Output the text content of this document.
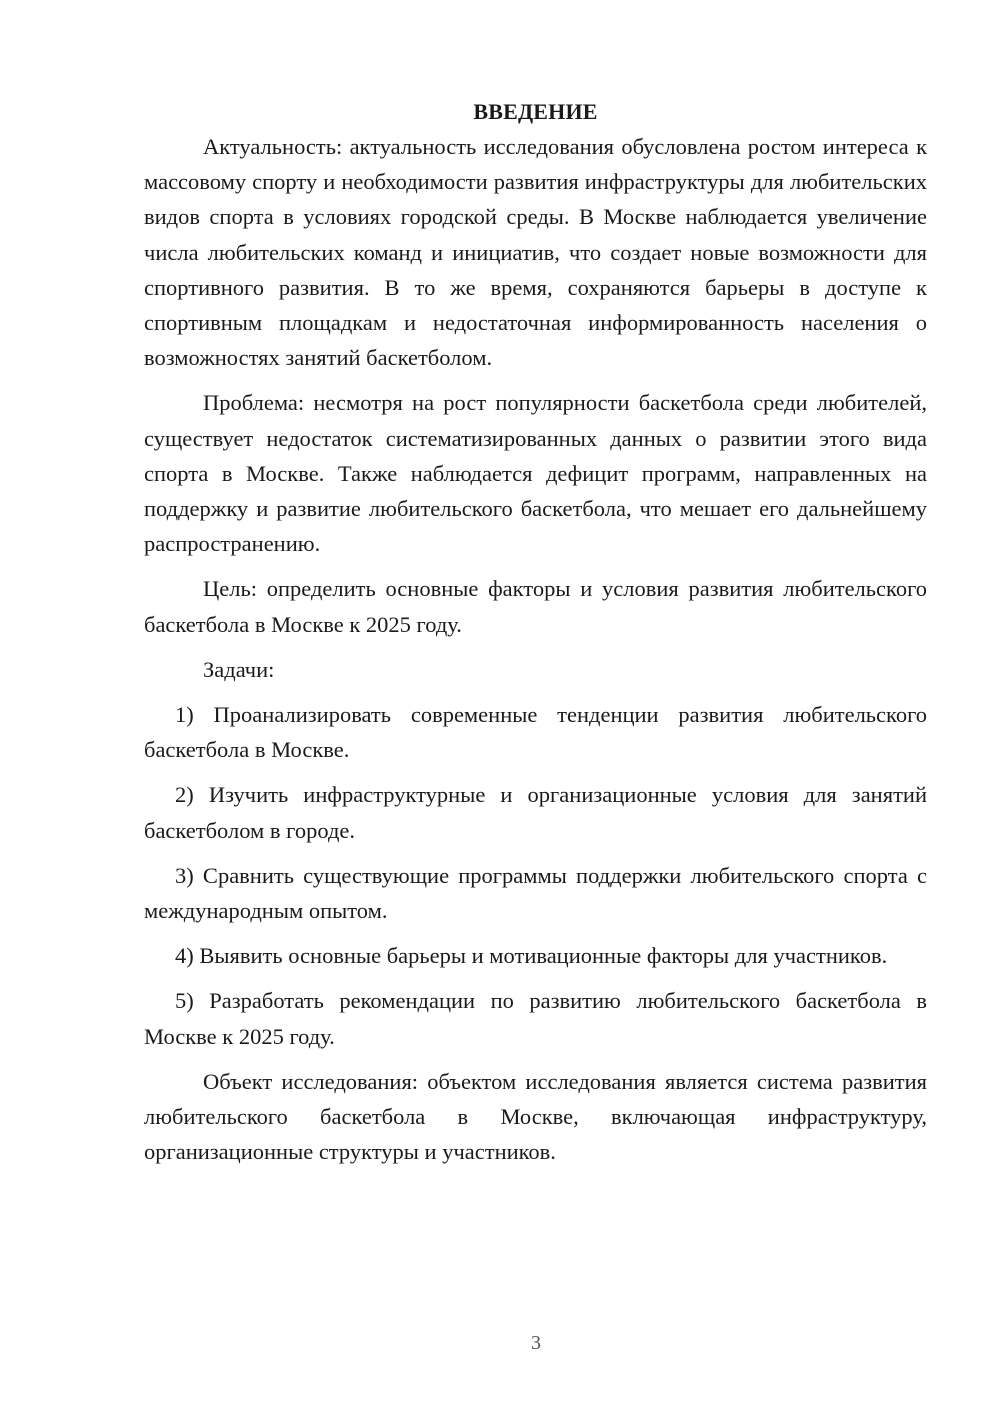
ВВЕДЕНИЕ

Актуальность: актуальность исследования обусловлена ростом интереса к массовому спорту и необходимости развития инфраструктуры для любительских видов спорта в условиях городской среды. В Москве наблюдается увеличение числа любительских команд и инициатив, что создает новые возможности для спортивного развития. В то же время, сохраняются барьеры в доступе к спортивным площадкам и недостаточная информированность населения о возможностях занятий баскетболом.

Проблема: несмотря на рост популярности баскетбола среди любителей, существует недостаток систематизированных данных о развитии этого вида спорта в Москве. Также наблюдается дефицит программ, направленных на поддержку и развитие любительского баскетбола, что мешает его дальнейшему распространению.

Цель: определить основные факторы и условия развития любительского баскетбола в Москве к 2025 году.

Задачи:

1) Проанализировать современные тенденции развития любительского баскетбола в Москве.

2) Изучить инфраструктурные и организационные условия для занятий баскетболом в городе.

3) Сравнить существующие программы поддержки любительского спорта с международным опытом.

4) Выявить основные барьеры и мотивационные факторы для участников.

5) Разработать рекомендации по развитию любительского баскетбола в Москве к 2025 году.

Объект исследования: объектом исследования является система развития любительского баскетбола в Москве, включающая инфраструктуру, организационные структуры и участников.

3
